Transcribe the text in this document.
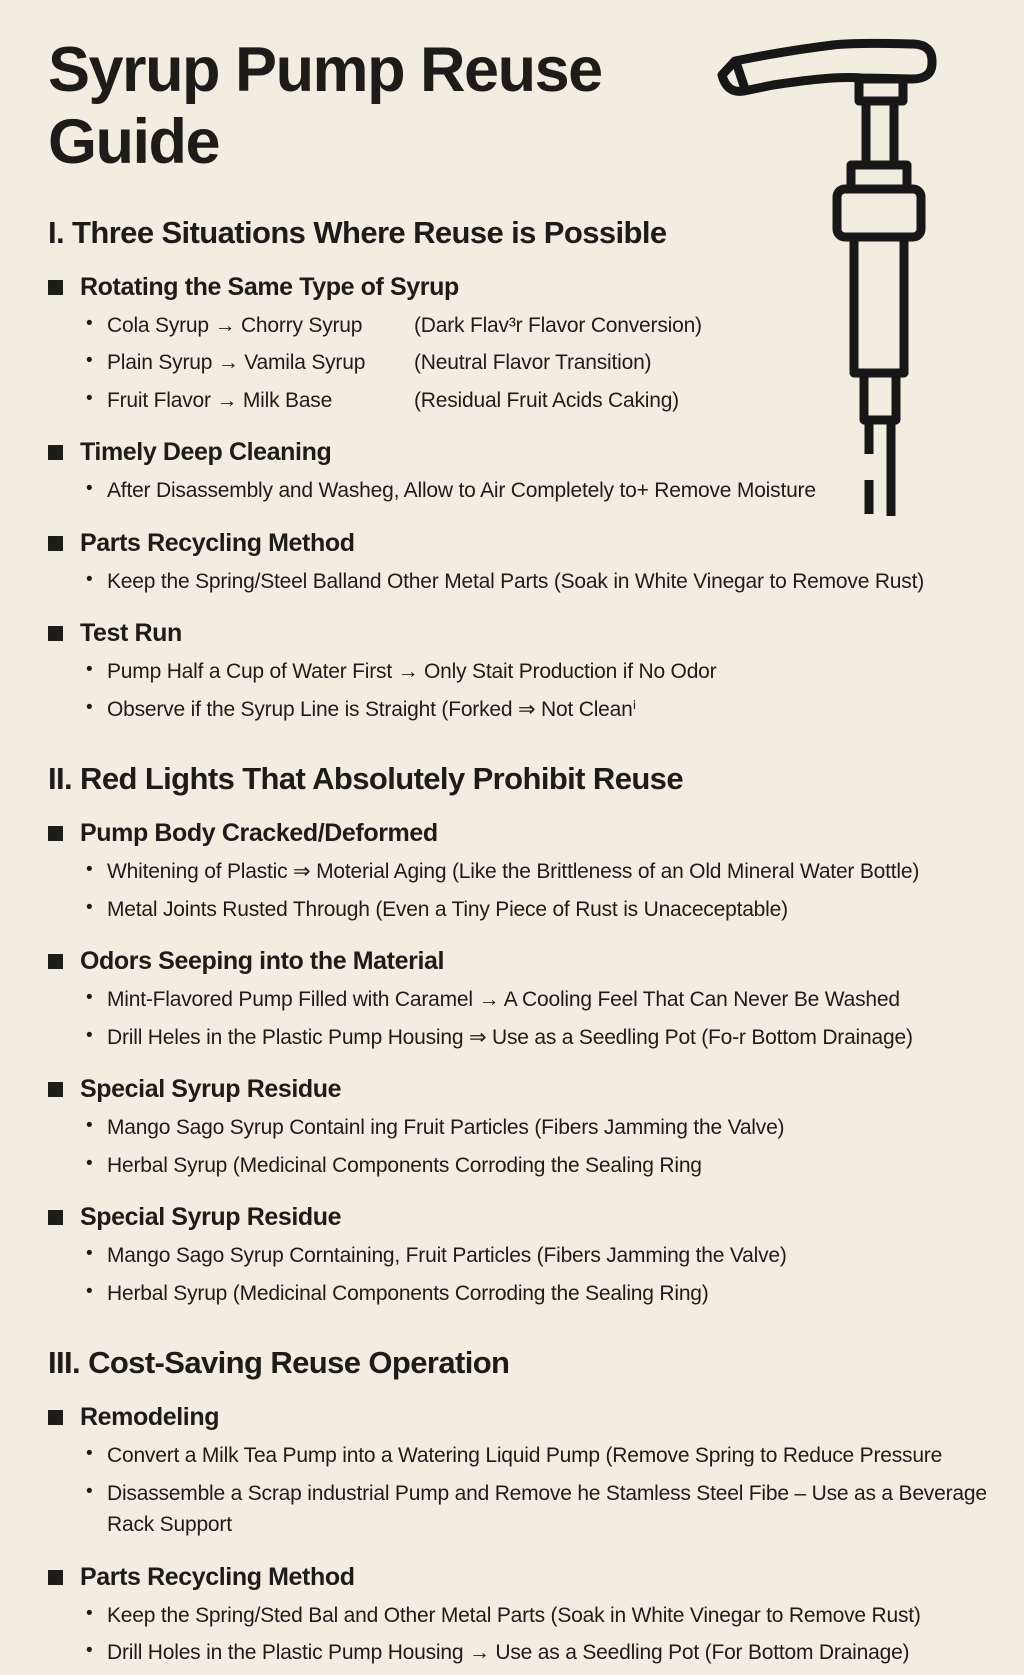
Syrup Pump Reuse Guide
I. Three Situations Where Reuse is Possible
Rotating the Same Type of Syrup
• Cola Syrup → Chorry Syrup (Dark Flav³r Flavor Conversion)
• Plain Syrup → Vamila Syrup (Neutral Flavor Transition)
• Fruit Flavor → Milk Base	(Residual Fruit Acids Caking)
Timely Deep Cleaning
• After Disassembly and Washeg, Allow to Air Completely to+ Remove Moisture
Parts Recycling Method
• Keep the Spring/Steel Balland Other Metal Parts (Soak in White Vinegar to Remove Rust)
Test Run
• Pump Half a Cup of Water First → Only Stait Production if No Odor
• Observe if the Syrup Line is Straight (Forked ⇒ Not Cleanⁱ
II. Red Lights That Absolutely Prohibit Reuse
Pump Body Cracked/Deformed
• Whitening of Plastic ⇒ Moterial Aging (Like the Brittleness of an Old Mineral Water Bottle)
• Metal Joints Rusted Through (Even a Tiny Piece of Rust is Unaceceptable)
Odors Seeping into the Material
• Mint-Flavored Pump Filled with Caramel → A Cooling Feel That Can Never Be Washed
• Drill Heles in the Plastic Pump Housing ⇒ Use as a Seedling Pot (Fo-r Bottom Drainage)
Special Syrup Residue
• Mango Sago Syrup Containl ing Fruit Particles (Fibers Jamming the Valve)
• Herbal Syrup (Medicinal Components Corroding the Sealing Ring
Special Syrup Residue
• Mango Sago Syrup Corntaining, Fruit Particles (Fibers Jamming the Valve)
• Herbal Syrup (Medicinal Components Corroding the Sealing Ring)
III. Cost-Saving Reuse Operation
Remodeling
• Convert a Milk Tea Pump into a Watering Liquid Pump (Remove Spring to Reduce Pressure
• Disassemble a Scrap industrial Pump and Remove he Stamless Steel Fibe – Use as a Beverage Rack Support
Parts Recycling Method
• Keep the Spring/Sted Bal and Other Metal Parts (Soak in White Vinegar to Remove Rust)
• Drill Holes in the Plastic Pump Housing → Use as a Seedling Pot (For Bottom Drainage)
